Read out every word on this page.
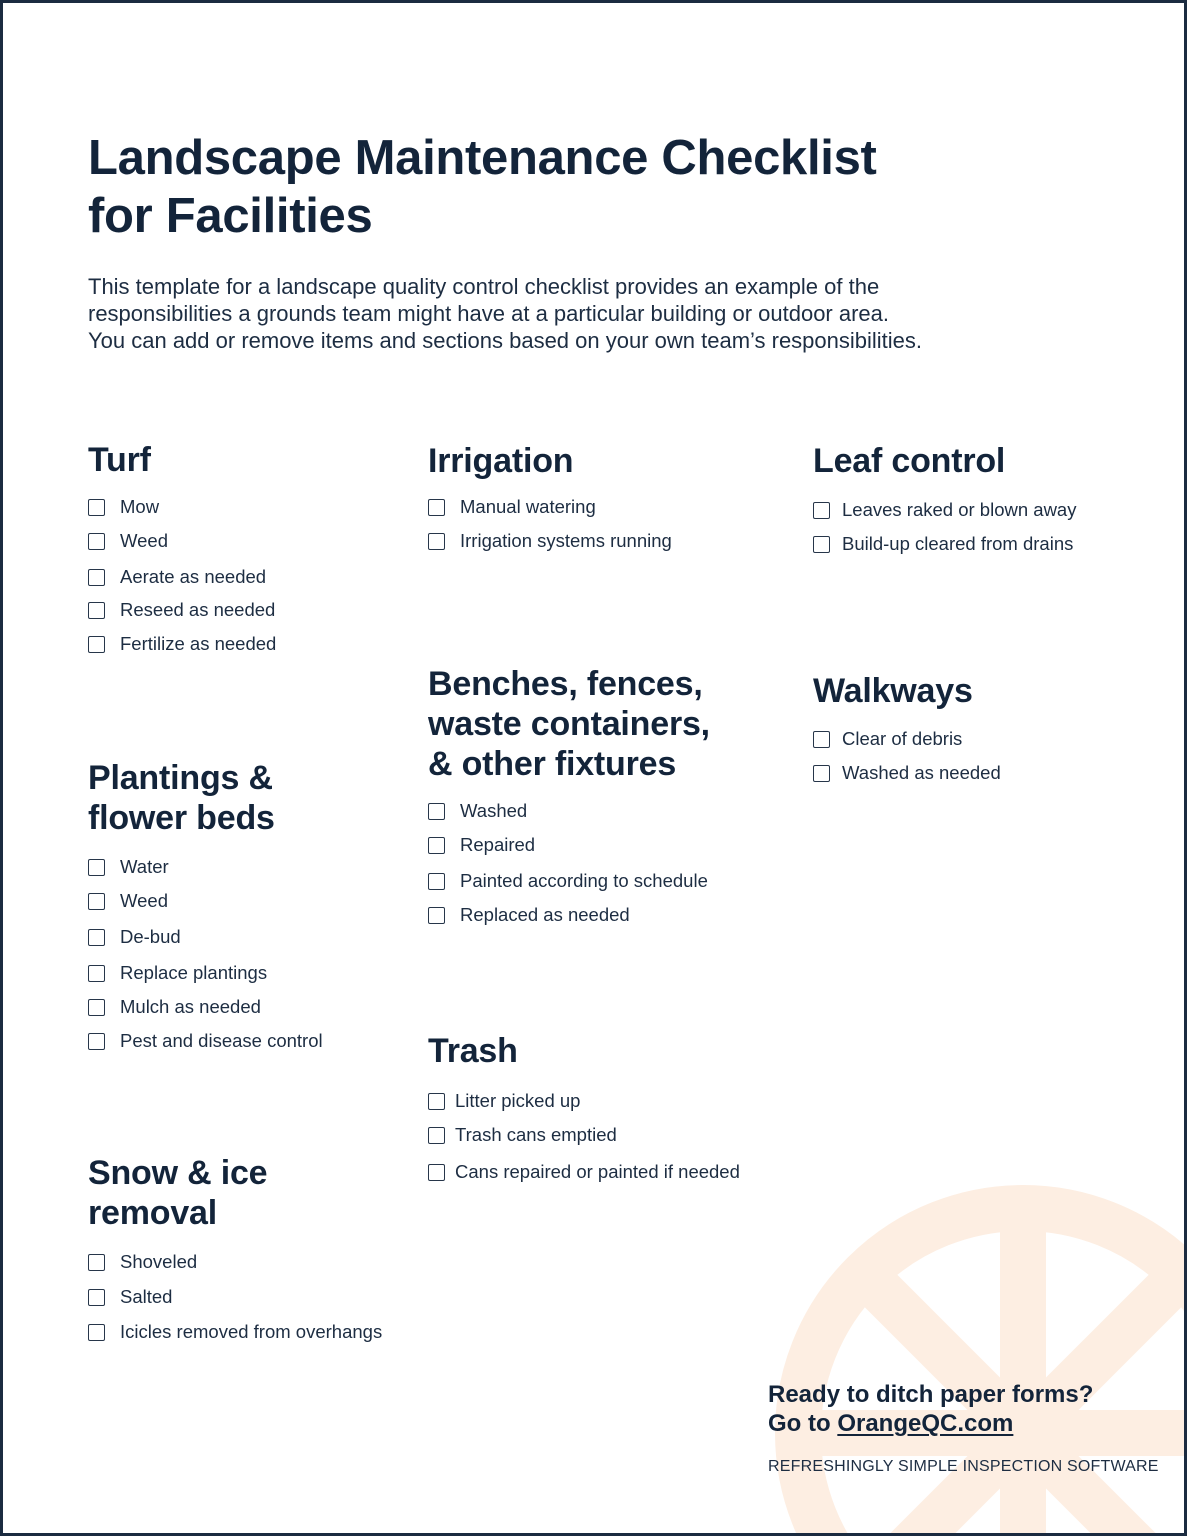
Landscape Maintenance Checklist
for Facilities

This template for a landscape quality control checklist provides an example of the
responsibilities a grounds team might have at a particular building or outdoor area.
You can add or remove items and sections based on your own team’s responsibilities.

Turf
Mow
Weed
Aerate as needed
Reseed as needed
Fertilize as needed
Plantings &
flower beds
Water
Weed
De-bud
Replace plantings
Mulch as needed
Pest and disease control
Snow & ice
removal
Shoveled
Salted
Icicles removed from overhangs
Irrigation
Manual watering
Irrigation systems running
Benches, fences,
waste containers,
& other fixtures
Washed
Repaired
Painted according to schedule
Replaced as needed
Trash
Litter picked up
Trash cans emptied
Cans repaired or painted if needed
Leaf control
Leaves raked or blown away
Build-up cleared from drains
Walkways
Clear of debris
Washed as needed
Ready to ditch paper forms?
Go to OrangeQC.com
REFRESHINGLY SIMPLE INSPECTION SOFTWARE
